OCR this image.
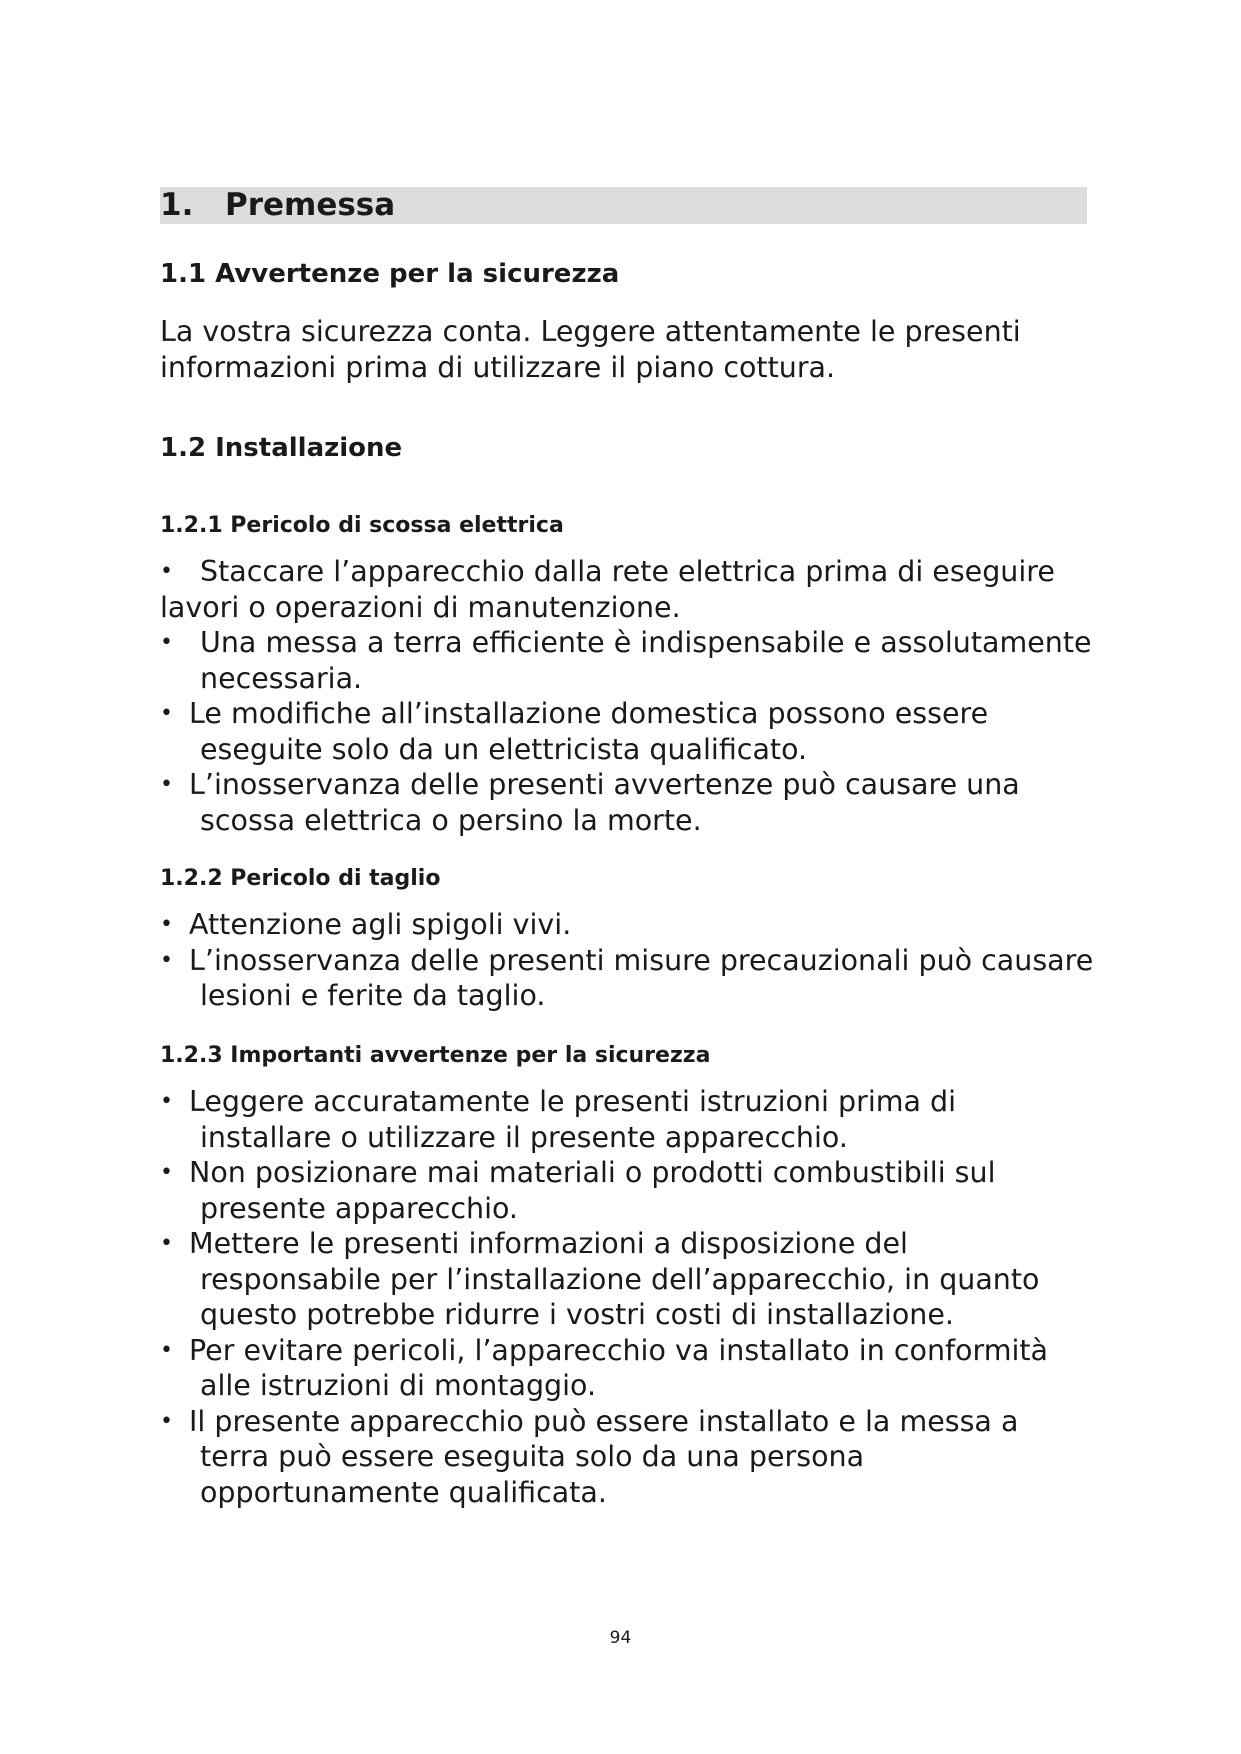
1. Premessa
1.1 Avvertenze per la sicurezza

La vostra sicurezza conta. Leggere attentamente le presenti informazioni prima di utilizzare il piano cottura.

1.2 Installazione
1.2.1 Pericolo di scossa elettrica
• Staccare l’apparecchio dalla rete elettrica prima di eseguire lavori o operazioni di manutenzione.
• Una messa a terra efficiente è indispensabile e assolutamente necessaria.
• Le modifiche all’installazione domestica possono essere eseguite solo da un elettricista qualificato.
• L’inosservanza delle presenti avvertenze può causare una scossa elettrica o persino la morte.
1.2.2 Pericolo di taglio
• Attenzione agli spigoli vivi.
• L’inosservanza delle presenti misure precauzionali può causare lesioni e ferite da taglio.
1.2.3 Importanti avvertenze per la sicurezza
• Leggere accuratamente le presenti istruzioni prima di installare o utilizzare il presente apparecchio.
• Non posizionare mai materiali o prodotti combustibili sul presente apparecchio.
• Mettere le presenti informazioni a disposizione del responsabile per l’installazione dell’apparecchio, in quanto questo potrebbe ridurre i vostri costi di installazione.
• Per evitare pericoli, l’apparecchio va installato in conformità alle istruzioni di montaggio.
• Il presente apparecchio può essere installato e la messa a terra può essere eseguita solo da una persona opportunamente qualificata.

94
